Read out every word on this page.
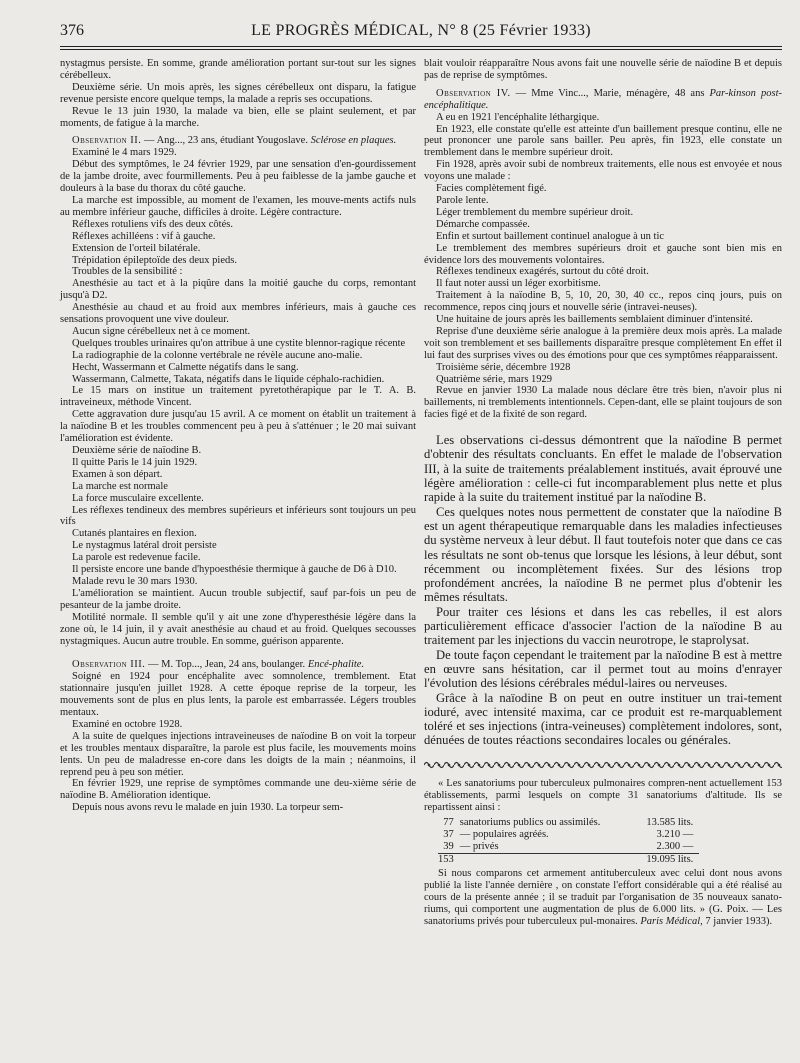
376	LE PROGRÈS MÉDICAL, N° 8 (25 Février 1933)

nystagmus persiste. En somme, grande amélioration portant sur-tout sur les signes cérébelleux.

Deuxième série. Un mois après, les signes cérébelleux ont disparu, la fatigue revenue persiste encore quelque temps, la malade a repris ses occupations.

Revue le 13 juin 1930, la malade va bien, elle se plaint seulement, et par moments, de fatigue à la marche.

Observation II. — Ang..., 23 ans, étudiant Yougoslave. Sclérose en plaques.

Examiné le 4 mars 1929.

Début des symptômes, le 24 février 1929, par une sensation d'en-gourdissement de la jambe droite, avec fourmillements. Peu à peu faiblesse de la jambe gauche et douleurs à la base du thorax du côté gauche.

La marche est impossible, au moment de l'examen, les mouve-ments actifs nuls au membre inférieur gauche, difficiles à droite. Légère contracture.

Réflexes rotuliens vifs des deux côtés.

Réflexes achilléens : vif à gauche.

Extension de l'orteil bilatérale.

Trépidation épileptoïde des deux pieds.

Troubles de la sensibilité :

Anesthésie au tact et à la piqûre dans la moitié gauche du corps, remontant jusqu'à D2.

Anesthésie au chaud et au froid aux membres inférieurs, mais à gauche ces sensations provoquent une vive douleur.

Aucun signe cérébelleux net à ce moment.

Quelques troubles urinaires qu'on attribue à une cystite blennor-ragique récente

La radiographie de la colonne vertébrale ne révèle aucune ano-malie.

Hecht, Wassermann et Calmette négatifs dans le sang.

Wassermann, Calmette, Takata, négatifs dans le liquide céphalo-rachidien.

Le 15 mars on institue un traitement pyretothérapique par le T. A. B. intraveineux, méthode Vincent.

Cette aggravation dure jusqu'au 15 avril. A ce moment on établit un traitement à la naïodine B et les troubles commencent peu à peu à s'atténuer ; le 20 mai suivant l'amélioration est évidente.

Deuxième série de naïodine B.

Il quitte Paris le 14 juin 1929.

Examen à son départ.

La marche est normale

La force musculaire excellente.

Les réflexes tendineux des membres supérieurs et inférieurs sont toujours un peu vifs

Cutanés plantaires en flexion.

Le nystagmus latéral droit persiste

La parole est redevenue facile.

Il persiste encore une bande d'hypoesthésie thermique à gauche de D6 à D10.

Malade revu le 30 mars 1930.

L'amélioration se maintient. Aucun trouble subjectif, sauf par-fois un peu de pesanteur de la jambe droite.

Motilité normale. Il semble qu'il y ait une zone d'hyperesthésie légère dans la zone où, le 14 juin, il y avait anesthésie au chaud et au froid. Quelques secousses nystagmiques. Aucun autre trouble. En somme, guérison apparente.

Observation III. — M. Top..., Jean, 24 ans, boulanger. Encé-phalite.

Soigné en 1924 pour encéphalite avec somnolence, tremblement. Etat stationnaire jusqu'en juillet 1928. A cette époque reprise de la torpeur, les mouvements sont de plus en plus lents, la parole est embarrassée. Légers troubles mentaux.

Examiné en octobre 1928.

A la suite de quelques injections intraveineuses de naïodine B on voit la torpeur et les troubles mentaux disparaître, la parole est plus facile, les mouvements moins lents. Un peu de maladresse en-core dans les doigts de la main ; néanmoins, il reprend peu à peu son métier.

En février 1929, une reprise de symptômes commande une deu-xième série de naïodine B. Amélioration identique.

Depuis nous avons revu le malade en juin 1930. La torpeur sem-

blait vouloir réapparaître Nous avons fait une nouvelle série de naïodine B et depuis pas de reprise de symptômes.

Observation IV. — Mme Vinc..., Marie, ménagère, 48 ans Par-kinson post-encéphalitique.

A eu en 1921 l'encéphalite léthargique.

En 1923, elle constate qu'elle est atteinte d'un baillement presque continu, elle ne peut prononcer une parole sans bailler. Peu après, fin 1923, elle constate un tremblement dans le membre supérieur droit.

Fin 1928, après avoir subi de nombreux traitements, elle nous est envoyée et nous voyons une malade :

Facies complètement figé.

Parole lente.

Léger tremblement du membre supérieur droit.

Démarche compassée.

Enfin et surtout baillement continuel analogue à un tic

Le tremblement des membres supérieurs droit et gauche sont bien mis en évidence lors des mouvements volontaires.

Réflexes tendineux exagérés, surtout du côté droit.

Il faut noter aussi un léger exorbitisme.

Traitement à la naïodine B, 5, 10, 20, 30, 40 cc., repos cinq jours, puis on recommence, repos cinq jours et nouvelle série (intravei-neuses).

Une huitaine de jours après les baillements semblaient diminuer d'intensité.

Reprise d'une deuxième série analogue à la première deux mois après. La malade voit son tremblement et ses baillements disparaître presque complètement En effet il lui faut des surprises vives ou des émotions pour que ces symptômes réapparaissent.

Troisième série, décembre 1928

Quatrième série, mars 1929

Revue en janvier 1930 La malade nous déclare être très bien, n'avoir plus ni baillements, ni tremblements intentionnels. Cepen-dant, elle se plaint toujours de son facies figé et de la fixité de son regard.

Les observations ci-dessus démontrent que la naïodine B permet d'obtenir des résultats concluants. En effet le malade de l'observation III, à la suite de traitements préalablement institués, avait éprouvé une légère amélioration : celle-ci fut incomparablement plus nette et plus rapide à la suite du traitement institué par la naïodine B.

Ces quelques notes nous permettent de constater que la naïodine B est un agent thérapeutique remarquable dans les maladies infectieuses du système nerveux à leur début. Il faut toutefois noter que dans ce cas les résultats ne sont ob-tenus que lorsque les lésions, à leur début, sont récemment ou incomplètement fixées. Sur des lésions trop profondément ancrées, la naïodine B ne permet plus d'obtenir les mêmes résultats.

Pour traiter ces lésions et dans les cas rebelles, il est alors particulièrement efficace d'associer l'action de la naïodine B au traitement par les injections du vaccin neurotrope, le staprolysat.

De toute façon cependant le traitement par la naïodine B est à mettre en œuvre sans hésitation, car il permet tout au moins d'enrayer l'évolution des lésions cérébrales médul-laires ou nerveuses.

Grâce à la naïodine B on peut en outre instituer un trai-tement ioduré, avec intensité maxima, car ce produit est re-marquablement toléré et ses injections (intra-veineuses) complètement indolores, sont, dénuées de toutes réactions secondaires locales ou générales.

« Les sanatoriums pour tuberculeux pulmonaires compren-nent actuellement 153 établissements, parmi lesquels on compte 31 sanatoriums d'altitude. Ils se repartissent ainsi :

77	sanatoriums publics ou assimilés.	13.585 lits.
37	— populaires agréés.	3.210 —
39	— privés	2.300 —
153		19.095 lits.

Si nous comparons cet armement antituberculeux avec celui dont nous avons publié la liste l'année dernière , on constate l'effort considérable qui a été réalisé au cours de la présente année ; il se traduit par l'organisation de 35 nouveaux sanato-riums, qui comportent une augmentation de plus de 6.000 lits. » (G. Poix. — Les sanatoriums privés pour tuberculeux pul-monaires. Paris Médical, 7 janvier 1933).
